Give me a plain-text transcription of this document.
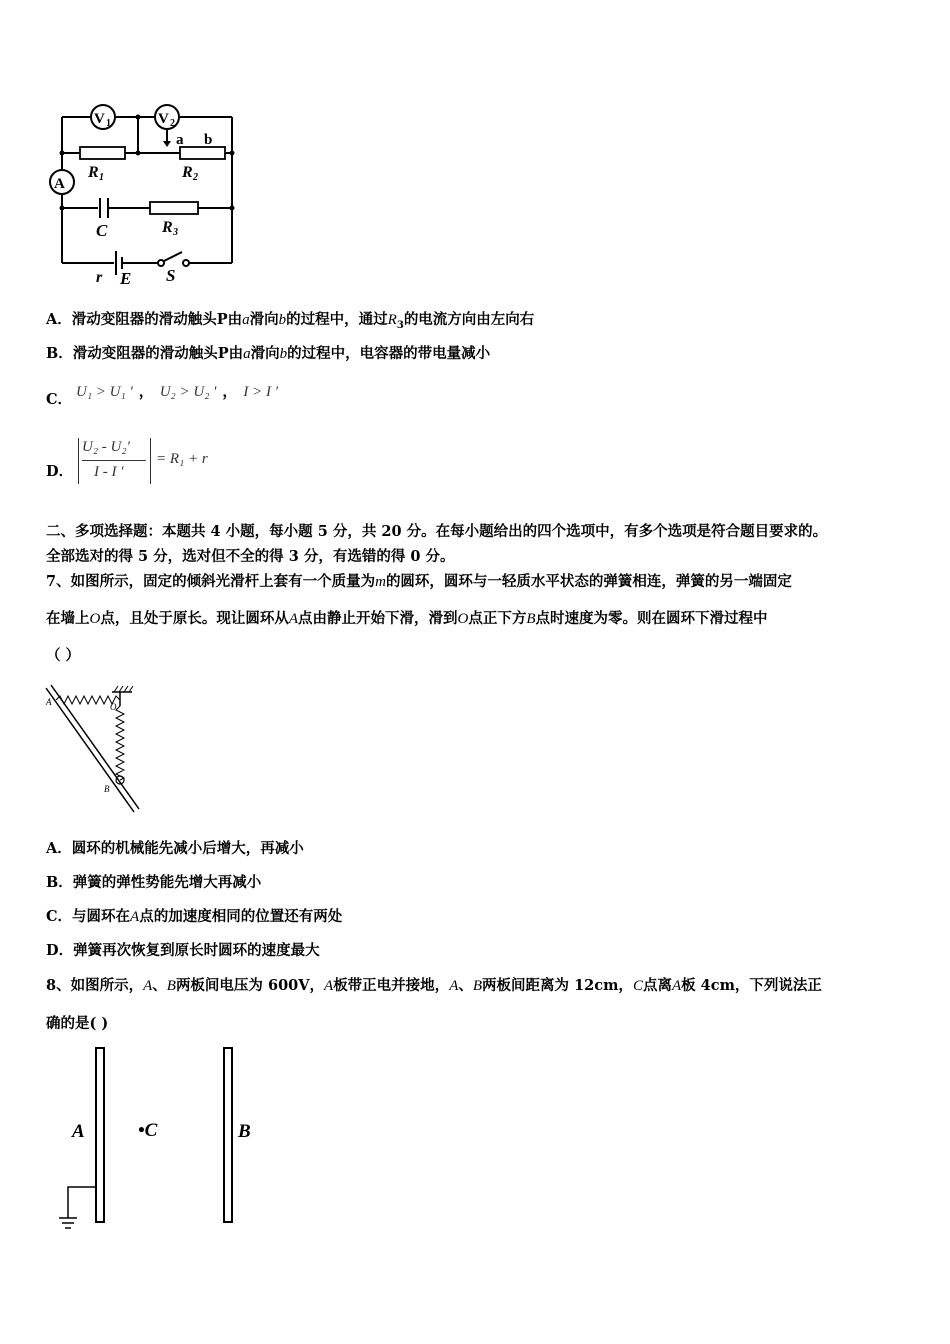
V 1	V 2
A
a b
R 1	R 2
C	R 3
r E S
A．滑动变阻器的滑动触头P由a滑向b的过程中，通过$R_3$的电流方向由左向右
B．滑动变阻器的滑动触头P由a滑向b的过程中，电容器的带电量减小
C． U₁ > U₁ ' ， U₂ > U₂ ' ， I > I ′
D．
U₂ - U₂'
I - I ′
= R₁ + r
二、多项选择题：本题共 4 小题，每小题 5 分，共 20 分。在每小题给出的四个选项中，有多个选项是符合题目要求的。
全部选对的得 5 分，选对但不全的得 3 分，有选错的得 0 分。
7、如图所示，固定的倾斜光滑杆上套有一个质量为m的圆环，圆环与一轻质水平状态的弹簧相连，弹簧的另一端固定
在墙上O点，且处于原长。现让圆环从A点由静止开始下滑，滑到O点正下方B点时速度为零。则在圆环下滑过程中
（ ）
A	O
B
A．圆环的机械能先减小后增大，再减小
B．弹簧的弹性势能先增大再减小
C．与圆环在A点的加速度相同的位置还有两处
D．弹簧再次恢复到原长时圆环的速度最大
8、如图所示，A、B两板间电压为 600V，A板带正电并接地，A、B两板间距离为 12cm，C点离A板 4cm，下列说法正
确的是( )
A	•C	B
